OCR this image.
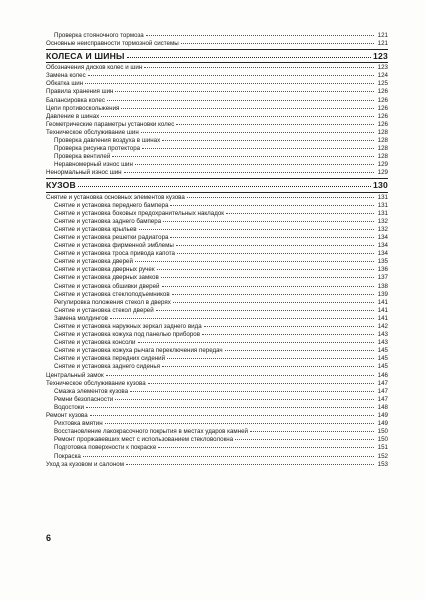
Проверка стояночного тормоза	121
Основные неисправности тормозной системы	121
КОЛЕСА И ШИНЫ	123
Обозначения дисков колес и шин	123
Замена колес	124
Обкатка шин	125
Правила хранения шин	126
Балансировка колес	126
Цепи противоскольжения	126
Давление в шинах	126
Геометрические параметры установки колес	126
Техническое обслуживание шин	128
Проверка давления воздуха в шинах	128
Проверка рисунка протектора	128
Проверка вентилей	128
Неравномерный износ шин	129
Ненормальный износ шин	129
КУЗОВ	130
Снятие и установка основных элементов кузова	131
Снятие и установка переднего бампера	131
Снятие и установка боковых предохранительных накладок	131
Снятие и установка заднего бампера	132
Снятие и установка крыльев	132
Снятие и установка решетки радиатора	134
Снятие и установка фирменной эмблемы	134
Снятие и установка троса привода капота	134
Снятие и установка дверей	135
Снятие и установка дверных ручек	136
Снятие и установка дверных замков	137
Снятие и установка обшивки дверей	138
Снятие и установка стеклоподъемников	139
Регулировка положения стекол в дверях	141
Снятие и установка стекол дверей	141
Замена молдингов	141
Снятие и установка наружных зеркал заднего вида	142
Снятие и установка кожуха под панелью приборов	143
Снятие и установка консоли	143
Снятие и установка кожуха рычага переключения передач	145
Снятие и установка передних сидений	145
Снятие и установка заднего сиденья	145
Центральный замок	146
Техническое обслуживание кузова	147
Смазка элементов кузова	147
Ремни безопасности	147
Водостоки	148
Ремонт кузова	149
Рихтовка вмятин	149
Восстановление лакокрасочного покрытия в местах ударов камней	150
Ремонт проржавевших мест с использованием стекловолокна	150
Подготовка поверхности к покраске	151
Покраска	152
Уход за кузовом и салоном	153
6
